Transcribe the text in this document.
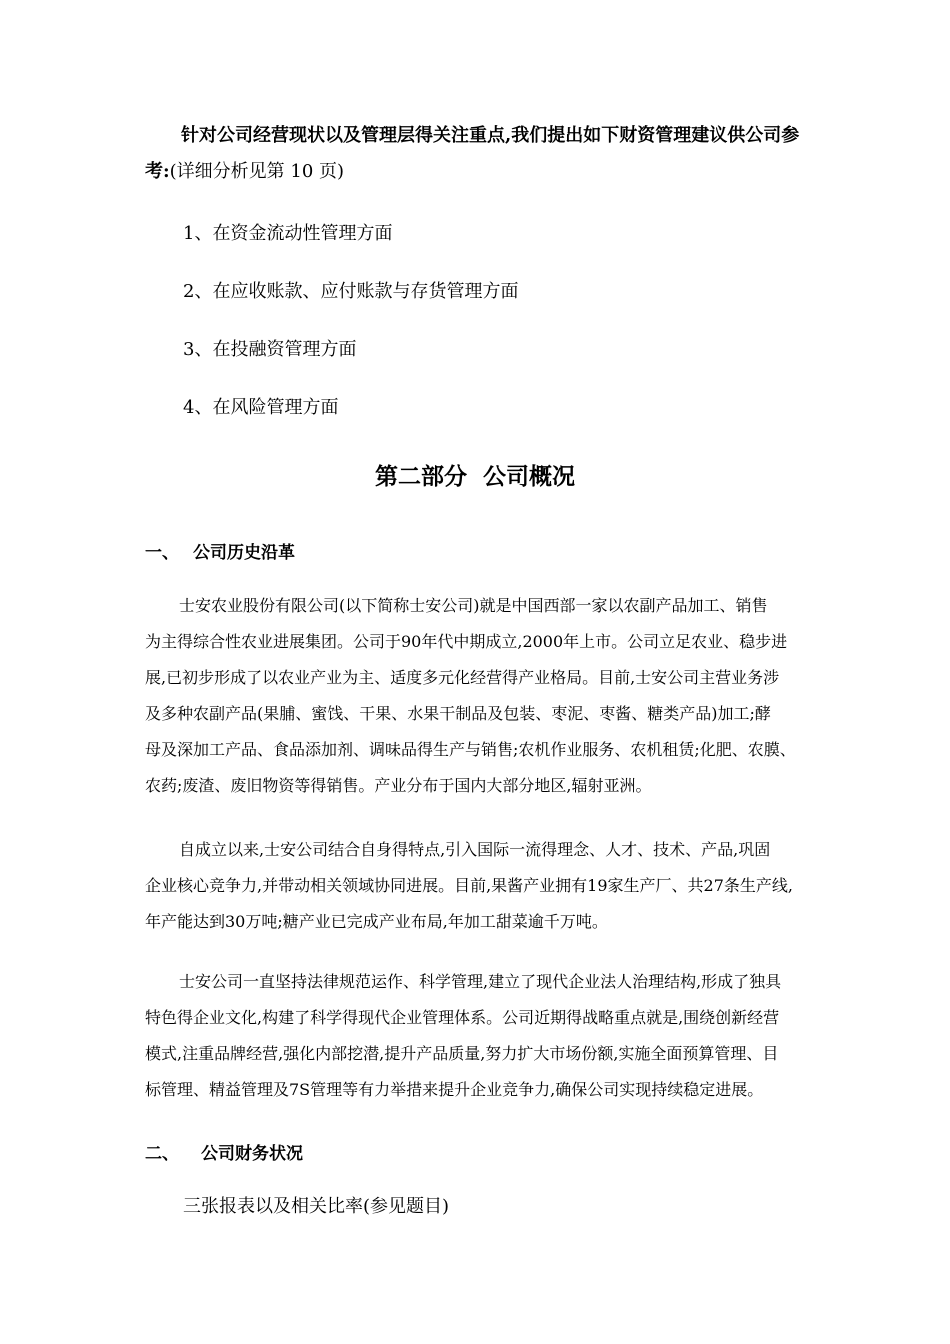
针对公司经营现状以及管理层得关注重点,我们提出如下财资管理建议供公司参考:(详细分析见第 10 页)
1、在资金流动性管理方面
2、在应收账款、应付账款与存货管理方面
3、在投融资管理方面
4、在风险管理方面
第二部分  公司概况
一、 公司历史沿革
士安农业股份有限公司(以下简称士安公司)就是中国西部一家以农副产品加工、销售
为主得综合性农业进展集团。公司于90年代中期成立,2000年上市。公司立足农业、稳步进
展,已初步形成了以农业产业为主、适度多元化经营得产业格局。目前,士安公司主营业务涉
及多种农副产品(果脯、蜜饯、干果、水果干制品及包装、枣泥、枣酱、糖类产品)加工;酵
母及深加工产品、食品添加剂、调味品得生产与销售;农机作业服务、农机租赁;化肥、农膜、
农药;废渣、废旧物资等得销售。产业分布于国内大部分地区,辐射亚洲。
自成立以来,士安公司结合自身得特点,引入国际一流得理念、人才、技术、产品,巩固
企业核心竞争力,并带动相关领域协同进展。目前,果酱产业拥有19家生产厂、共27条生产线,
年产能达到30万吨;糖产业已完成产业布局,年加工甜菜逾千万吨。
士安公司一直坚持法律规范运作、科学管理,建立了现代企业法人治理结构,形成了独具
特色得企业文化,构建了科学得现代企业管理体系。公司近期得战略重点就是,围绕创新经营
模式,注重品牌经营,强化内部挖潜,提升产品质量,努力扩大市场份额,实施全面预算管理、目
标管理、精益管理及7S管理等有力举措来提升企业竞争力,确保公司实现持续稳定进展。
二、 公司财务状况
三张报表以及相关比率(参见题目)
